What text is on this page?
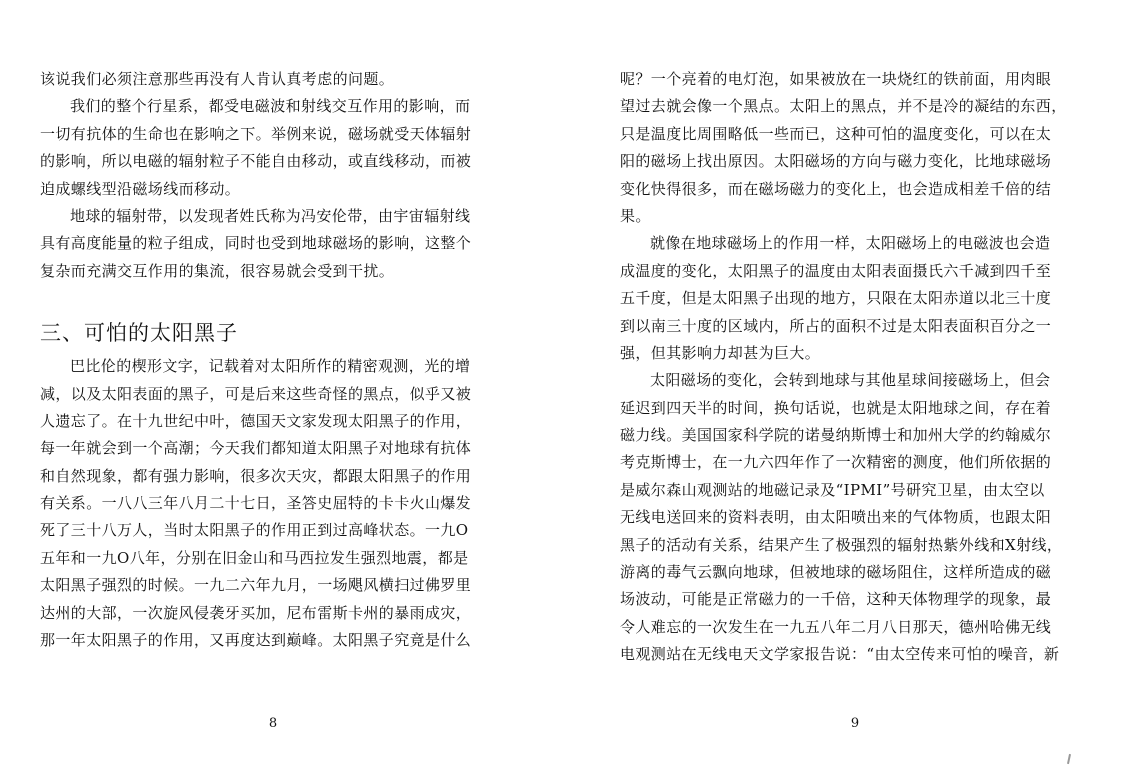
该说我们必须注意那些再没有人肯认真考虑的问题。
我们的整个行星系，都受电磁波和射线交互作用的影响，而
一切有抗体的生命也在影响之下。举例来说，磁场就受天体辐射
的影响，所以电磁的辐射粒子不能自由移动，或直线移动，而被
迫成螺线型沿磁场线而移动。
地球的辐射带，以发现者姓氏称为冯安伦带，由宇宙辐射线
具有高度能量的粒子组成，同时也受到地球磁场的影响，这整个
复杂而充满交互作用的集流，很容易就会受到干扰。
三、可怕的太阳黑子
巴比伦的楔形文字，记载着对太阳所作的精密观测，光的增
减，以及太阳表面的黑子，可是后来这些奇怪的黑点，似乎又被
人遗忘了。在十九世纪中叶，德国天文家发现太阳黑子的作用，
每一年就会到一个高潮；今天我们都知道太阳黑子对地球有抗体
和自然现象，都有强力影响，很多次天灾，都跟太阳黑子的作用
有关系。一八八三年八月二十七日，圣答史屈特的卡卡火山爆发
死了三十八万人，当时太阳黑子的作用正到过高峰状态。一九O
五年和一九O八年，分别在旧金山和马西拉发生强烈地震，都是
太阳黑子强烈的时候。一九二六年九月，一场飓风横扫过佛罗里
达州的大部，一次旋风侵袭牙买加，尼布雷斯卡州的暴雨成灾，
那一年太阳黑子的作用，又再度达到巅峰。太阳黑子究竟是什么
8
呢？一个亮着的电灯泡，如果被放在一块烧红的铁前面，用肉眼
望过去就会像一个黑点。太阳上的黑点，并不是冷的凝结的东西，
只是温度比周围略低一些而已，这种可怕的温度变化，可以在太
阳的磁场上找出原因。太阳磁场的方向与磁力变化，比地球磁场
变化快得很多，而在磁场磁力的变化上，也会造成相差千倍的结
果。
就像在地球磁场上的作用一样，太阳磁场上的电磁波也会造
成温度的变化，太阳黑子的温度由太阳表面摄氏六千减到四千至
五千度，但是太阳黑子出现的地方，只限在太阳赤道以北三十度
到以南三十度的区域内，所占的面积不过是太阳表面积百分之一
强，但其影响力却甚为巨大。
太阳磁场的变化，会转到地球与其他星球间接磁场上，但会
延迟到四天半的时间，换句话说，也就是太阳地球之间，存在着
磁力线。美国国家科学院的诺曼纳斯博士和加州大学的约翰威尔
考克斯博士，在一九六四年作了一次精密的测度，他们所依据的
是威尔森山观测站的地磁记录及“IPMI”号研究卫星，由太空以
无线电送回来的资料表明，由太阳喷出来的气体物质，也跟太阳
黑子的活动有关系，结果产生了极强烈的辐射热紫外线和X射线，
游离的毒气云飘向地球，但被地球的磁场阻住，这样所造成的磁
场波动，可能是正常磁力的一千倍，这种天体物理学的现象，最
令人难忘的一次发生在一九五八年二月八日那天，德州哈佛无线
电观测站在无线电天文学家报告说：“由太空传来可怕的噪音，新
9
